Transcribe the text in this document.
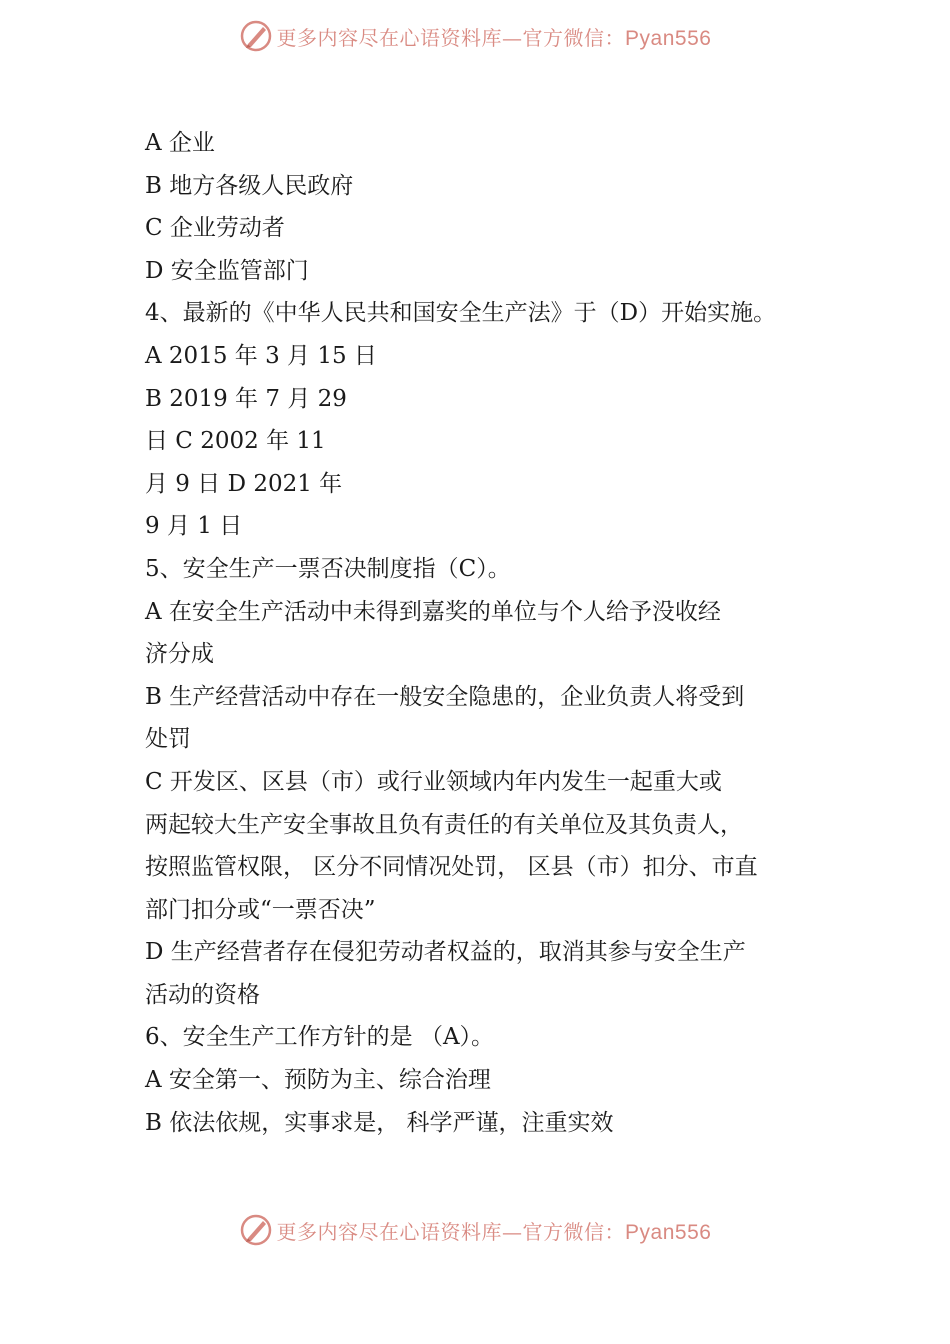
更多内容尽在心语资料库—官方微信：Pyan556
A 企业
B 地方各级人民政府
C 企业劳动者
D 安全监管部门
4、最新的《中华人民共和国安全生产法》于（D）开始实施。
A 2015 年 3 月 15 日
B 2019 年 7 月 29
日 C 2002 年 11
月 9 日 D 2021 年
9 月 1 日
5、安全生产一票否决制度指（C）。
A 在安全生产活动中未得到嘉奖的单位与个人给予没收经
济分成
B 生产经营活动中存在一般安全隐患的，企业负责人将受到
处罚
C 开发区、区县（市）或行业领域内年内发生一起重大或
两起较大生产安全事故且负有责任的有关单位及其负责人，
按照监管权限， 区分不同情况处罚， 区县（市）扣分、市直
部门扣分或“一票否决”
D 生产经营者存在侵犯劳动者权益的，取消其参与安全生产
活动的资格
6、安全生产工作方针的是 （A）。
A 安全第一、预防为主、综合治理
B 依法依规，实事求是， 科学严谨，注重实效
更多内容尽在心语资料库—官方微信：Pyan556
